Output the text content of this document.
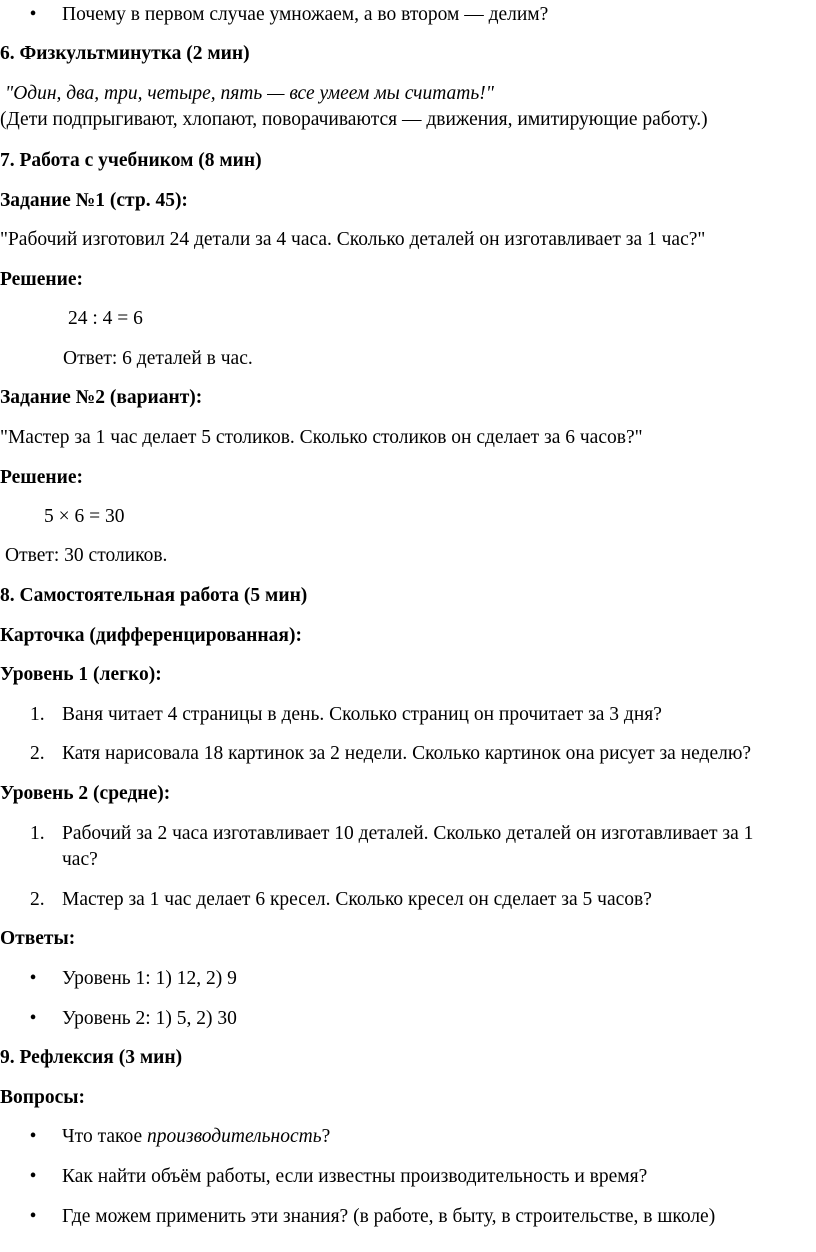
• Почему в первом случае умножаем, а во втором — делим?
6. Физкультминутка (2 мин)
"Один, два, три, четыре, пять — все умеем мы считать!"
(Дети подпрыгивают, хлопают, поворачиваются — движения, имитирующие работу.)
7. Работа с учебником (8 мин)
Задание №1 (стр. 45):
"Рабочий изготовил 24 детали за 4 часа. Сколько деталей он изготавливает за 1 час?"
Решение:
24 : 4 = 6
Ответ: 6 деталей в час.
Задание №2 (вариант):
"Мастер за 1 час делает 5 столиков. Сколько столиков он сделает за 6 часов?"
Решение:
5 × 6 = 30
Ответ: 30 столиков.
8. Самостоятельная работа (5 мин)
Карточка (дифференцированная):
Уровень 1 (легко):
1. Ваня читает 4 страницы в день. Сколько страниц он прочитает за 3 дня?
2. Катя нарисовала 18 картинок за 2 недели. Сколько картинок она рисует за неделю?
Уровень 2 (средне):
1. Рабочий за 2 часа изготавливает 10 деталей. Сколько деталей он изготавливает за 1
час?
2. Мастер за 1 час делает 6 кресел. Сколько кресел он сделает за 5 часов?
Ответы:
• Уровень 1: 1) 12, 2) 9
• Уровень 2: 1) 5, 2) 30
9. Рефлексия (3 мин)
Вопросы:
• Что такое производительность?
• Как найти объём работы, если известны производительность и время?
• Где можем применить эти знания? (в работе, в быту, в строительстве, в школе)
